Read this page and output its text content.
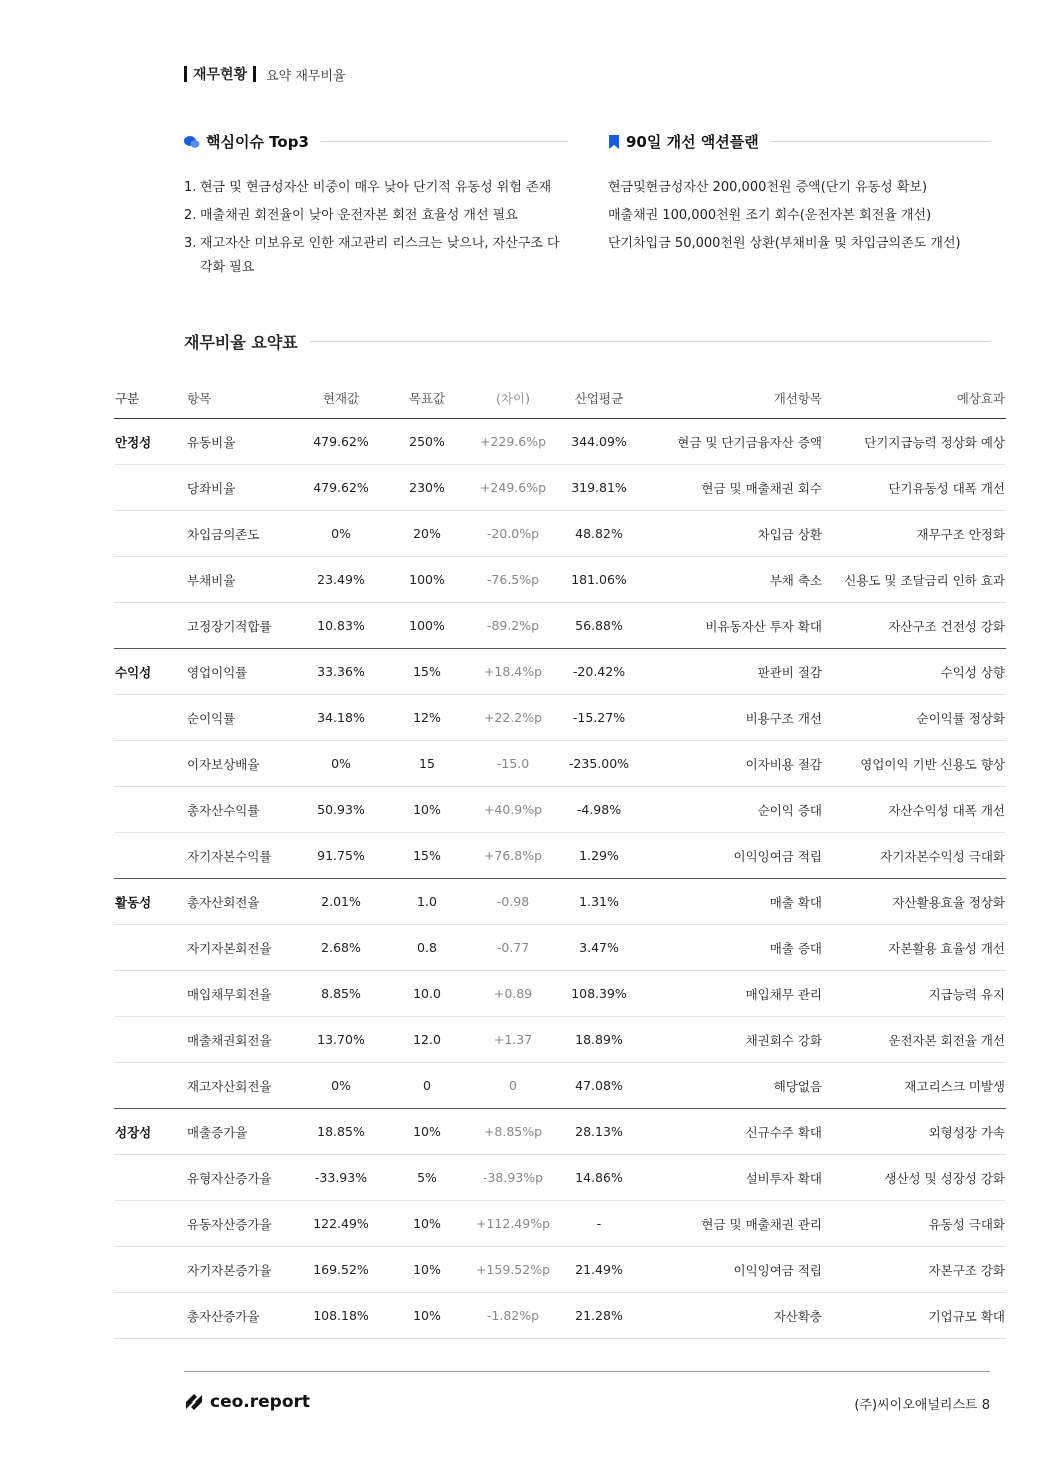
재무현황 요약 재무비율
핵심이슈 Top3	90일 개선 액션플랜
1. 현금 및 현금성자산 비중이 매우 낮아 단기적 유동성 위험 존재
2. 매출채권 회전율이 낮아 운전자본 회전 효율성 개선 필요
3. 재고자산 미보유로 인한 재고관리 리스크는 낮으나, 자산구조 다각화 필요
현금및현금성자산 200,000천원 증액(단기 유동성 확보)
매출채권 100,000천원 조기 회수(운전자본 회전율 개선)
단기차입금 50,000천원 상환(부채비율 및 차입금의존도 개선)
재무비율 요약표
구분	항목	현재값	목표값	(차이)	산업평균	개선항목	예상효과
안정성	유동비율	479.62%	250%	+229.6%p	344.09%	현금 및 단기금융자산 증액	단기지급능력 정상화 예상
	당좌비율	479.62%	230%	+249.6%p	319.81%	현금 및 매출채권 회수	단기유동성 대폭 개선
	차입금의존도	0%	20%	-20.0%p	48.82%	차입금 상환	재무구조 안정화
	부채비율	23.49%	100%	-76.5%p	181.06%	부채 축소	신용도 및 조달금리 인하 효과
	고정장기적합률	10.83%	100%	-89.2%p	56.88%	비유동자산 투자 확대	자산구조 건전성 강화
수익성	영업이익률	33.36%	15%	+18.4%p	-20.42%	판관비 절감	수익성 상향
	순이익률	34.18%	12%	+22.2%p	-15.27%	비용구조 개선	순이익률 정상화
	이자보상배율	0%	15	-15.0	-235.00%	이자비용 절감	영업이익 기반 신용도 향상
	총자산수익률	50.93%	10%	+40.9%p	-4.98%	순이익 증대	자산수익성 대폭 개선
	자기자본수익률	91.75%	15%	+76.8%p	1.29%	이익잉여금 적립	자기자본수익성 극대화
활동성	총자산회전율	2.01%	1.0	-0.98	1.31%	매출 확대	자산활용효율 정상화
	자기자본회전율	2.68%	0.8	-0.77	3.47%	매출 증대	자본활용 효율성 개선
	매입채무회전율	8.85%	10.0	+0.89	108.39%	매입채무 관리	지급능력 유지
	매출채권회전율	13.70%	12.0	+1.37	18.89%	채권회수 강화	운전자본 회전율 개선
	재고자산회전율	0%	0	0	47.08%	해당없음	재고리스크 미발생
성장성	매출증가율	18.85%	10%	+8.85%p	28.13%	신규수주 확대	외형성장 가속
	유형자산증가율	-33.93%	5%	-38.93%p	14.86%	설비투자 확대	생산성 및 성장성 강화
	유동자산증가율	122.49%	10%	+112.49%p	-	현금 및 매출채권 관리	유동성 극대화
	자기자본증가율	169.52%	10%	+159.52%p	21.49%	이익잉여금 적립	자본구조 강화
	총자산증가율	108.18%	10%	-1.82%p	21.28%	자산확충	기업규모 확대
ceo.report	(주)씨이오애널리스트 8
